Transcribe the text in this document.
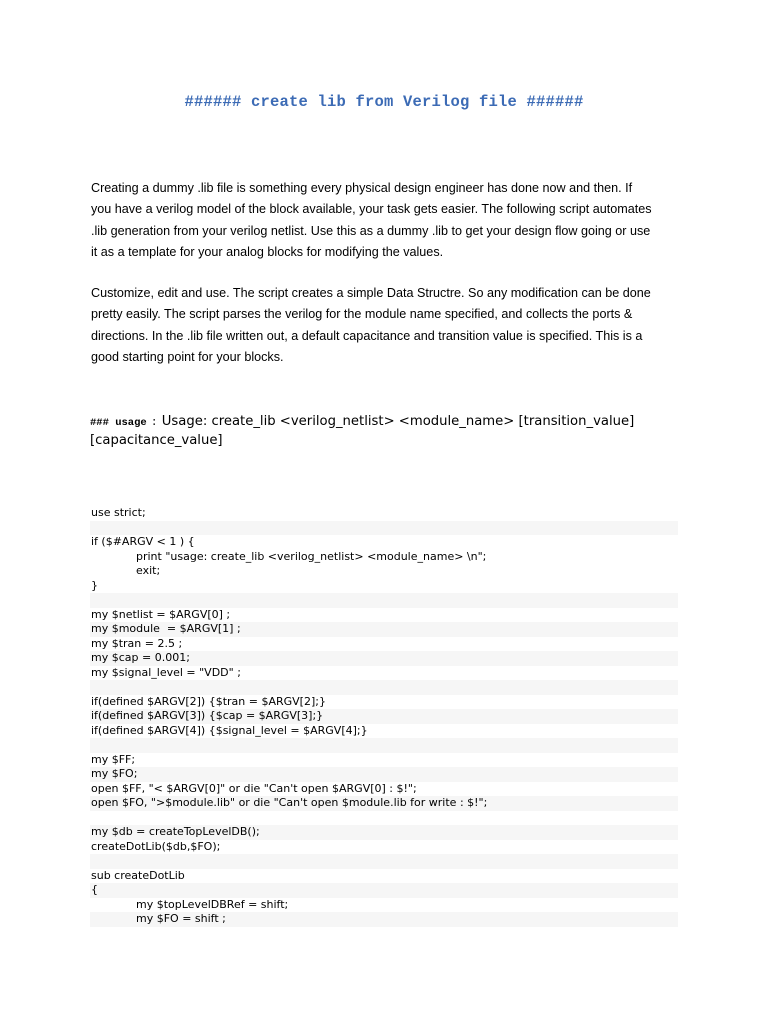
###### create lib from Verilog file ######
Creating a dummy .lib file is something every physical design engineer has done now and then. If
you have a verilog model of the block available, your task gets easier. The following script automates
.lib generation from your verilog netlist. Use this as a dummy .lib to get your design flow going or use
it as a template for your analog blocks for modifying the values.
Customize, edit and use. The script creates a simple Data Structre. So any modification can be done
pretty easily. The script parses the verilog for the module name specified, and collects the ports &
directions. In the .lib file written out, a default capacitance and transition value is specified. This is a
good starting point for your blocks.
### usage : Usage: create_lib <verilog_netlist> <module_name> [transition_value]
[capacitance_value]
use strict;
if ($#ARGV < 1 ) {
print "usage: create_lib <verilog_netlist> <module_name> \n";
exit;
}
my $netlist = $ARGV[0] ;
my $module  = $ARGV[1] ;
my $tran = 2.5 ;
my $cap = 0.001;
my $signal_level = "VDD" ;
if(defined $ARGV[2]) {$tran = $ARGV[2];}
if(defined $ARGV[3]) {$cap = $ARGV[3];}
if(defined $ARGV[4]) {$signal_level = $ARGV[4];}
my $FF;
my $FO;
open $FF, "< $ARGV[0]" or die "Can't open $ARGV[0] : $!";
open $FO, ">$module.lib" or die "Can't open $module.lib for write : $!";
my $db = createTopLevelDB();
createDotLib($db,$FO);
sub createDotLib
{
my $topLevelDBRef = shift;
my $FO = shift ;
